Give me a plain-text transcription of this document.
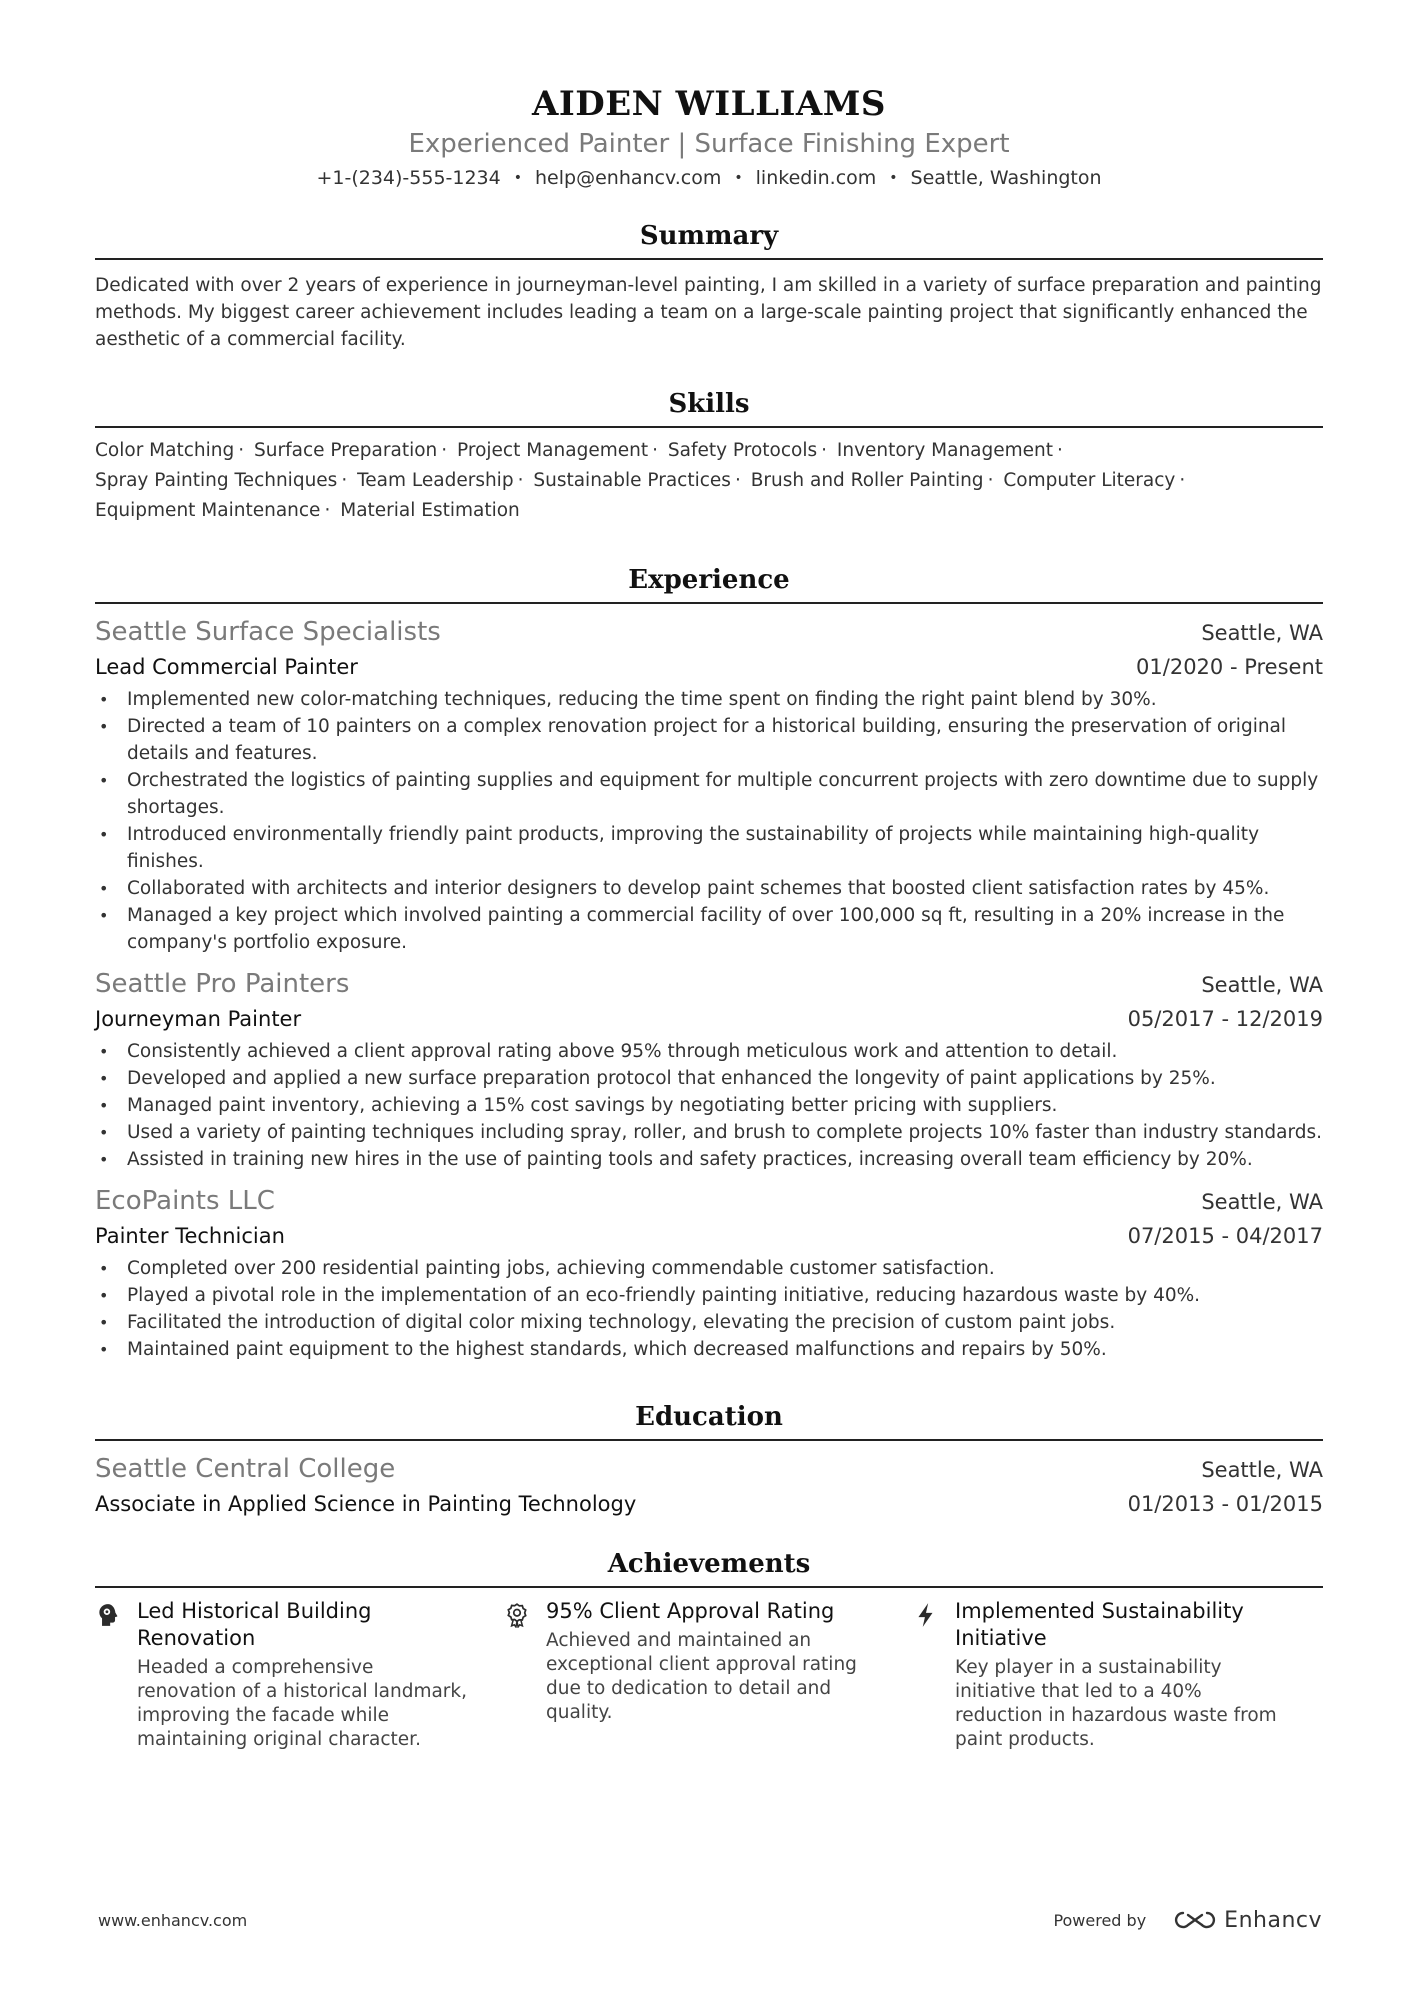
AIDEN WILLIAMS
Experienced Painter | Surface Finishing Expert
+1-(234)-555-1234 • help@enhancv.com • linkedin.com • Seattle, Washington
Summary
Dedicated with over 2 years of experience in journeyman-level painting, I am skilled in a variety of surface preparation and painting methods. My biggest career achievement includes leading a team on a large-scale painting project that significantly enhanced the aesthetic of a commercial facility.
Skills
Color Matching · Surface Preparation · Project Management · Safety Protocols · Inventory Management · Spray Painting Techniques · Team Leadership · Sustainable Practices · Brush and Roller Painting · Computer Literacy · Equipment Maintenance · Material Estimation
Experience
Seattle Surface Specialists	Seattle, WA
Lead Commercial Painter	01/2020 - Present
• Implemented new color-matching techniques, reducing the time spent on finding the right paint blend by 30%.
• Directed a team of 10 painters on a complex renovation project for a historical building, ensuring the preservation of original details and features.
• Orchestrated the logistics of painting supplies and equipment for multiple concurrent projects with zero downtime due to supply shortages.
• Introduced environmentally friendly paint products, improving the sustainability of projects while maintaining high-quality finishes.
• Collaborated with architects and interior designers to develop paint schemes that boosted client satisfaction rates by 45%.
• Managed a key project which involved painting a commercial facility of over 100,000 sq ft, resulting in a 20% increase in the company's portfolio exposure.
Seattle Pro Painters	Seattle, WA
Journeyman Painter	05/2017 - 12/2019
• Consistently achieved a client approval rating above 95% through meticulous work and attention to detail.
• Developed and applied a new surface preparation protocol that enhanced the longevity of paint applications by 25%.
• Managed paint inventory, achieving a 15% cost savings by negotiating better pricing with suppliers.
• Used a variety of painting techniques including spray, roller, and brush to complete projects 10% faster than industry standards.
• Assisted in training new hires in the use of painting tools and safety practices, increasing overall team efficiency by 20%.
EcoPaints LLC	Seattle, WA
Painter Technician	07/2015 - 04/2017
• Completed over 200 residential painting jobs, achieving commendable customer satisfaction.
• Played a pivotal role in the implementation of an eco-friendly painting initiative, reducing hazardous waste by 40%.
• Facilitated the introduction of digital color mixing technology, elevating the precision of custom paint jobs.
• Maintained paint equipment to the highest standards, which decreased malfunctions and repairs by 50%.
Education
Seattle Central College	Seattle, WA
Associate in Applied Science in Painting Technology	01/2013 - 01/2015
Achievements
Led Historical Building Renovation
Headed a comprehensive renovation of a historical landmark, improving the facade while maintaining original character.
95% Client Approval Rating
Achieved and maintained an exceptional client approval rating due to dedication to detail and quality.
Implemented Sustainability Initiative
Key player in a sustainability initiative that led to a 40% reduction in hazardous waste from paint products.
www.enhancv.com	Powered by	Enhancv
